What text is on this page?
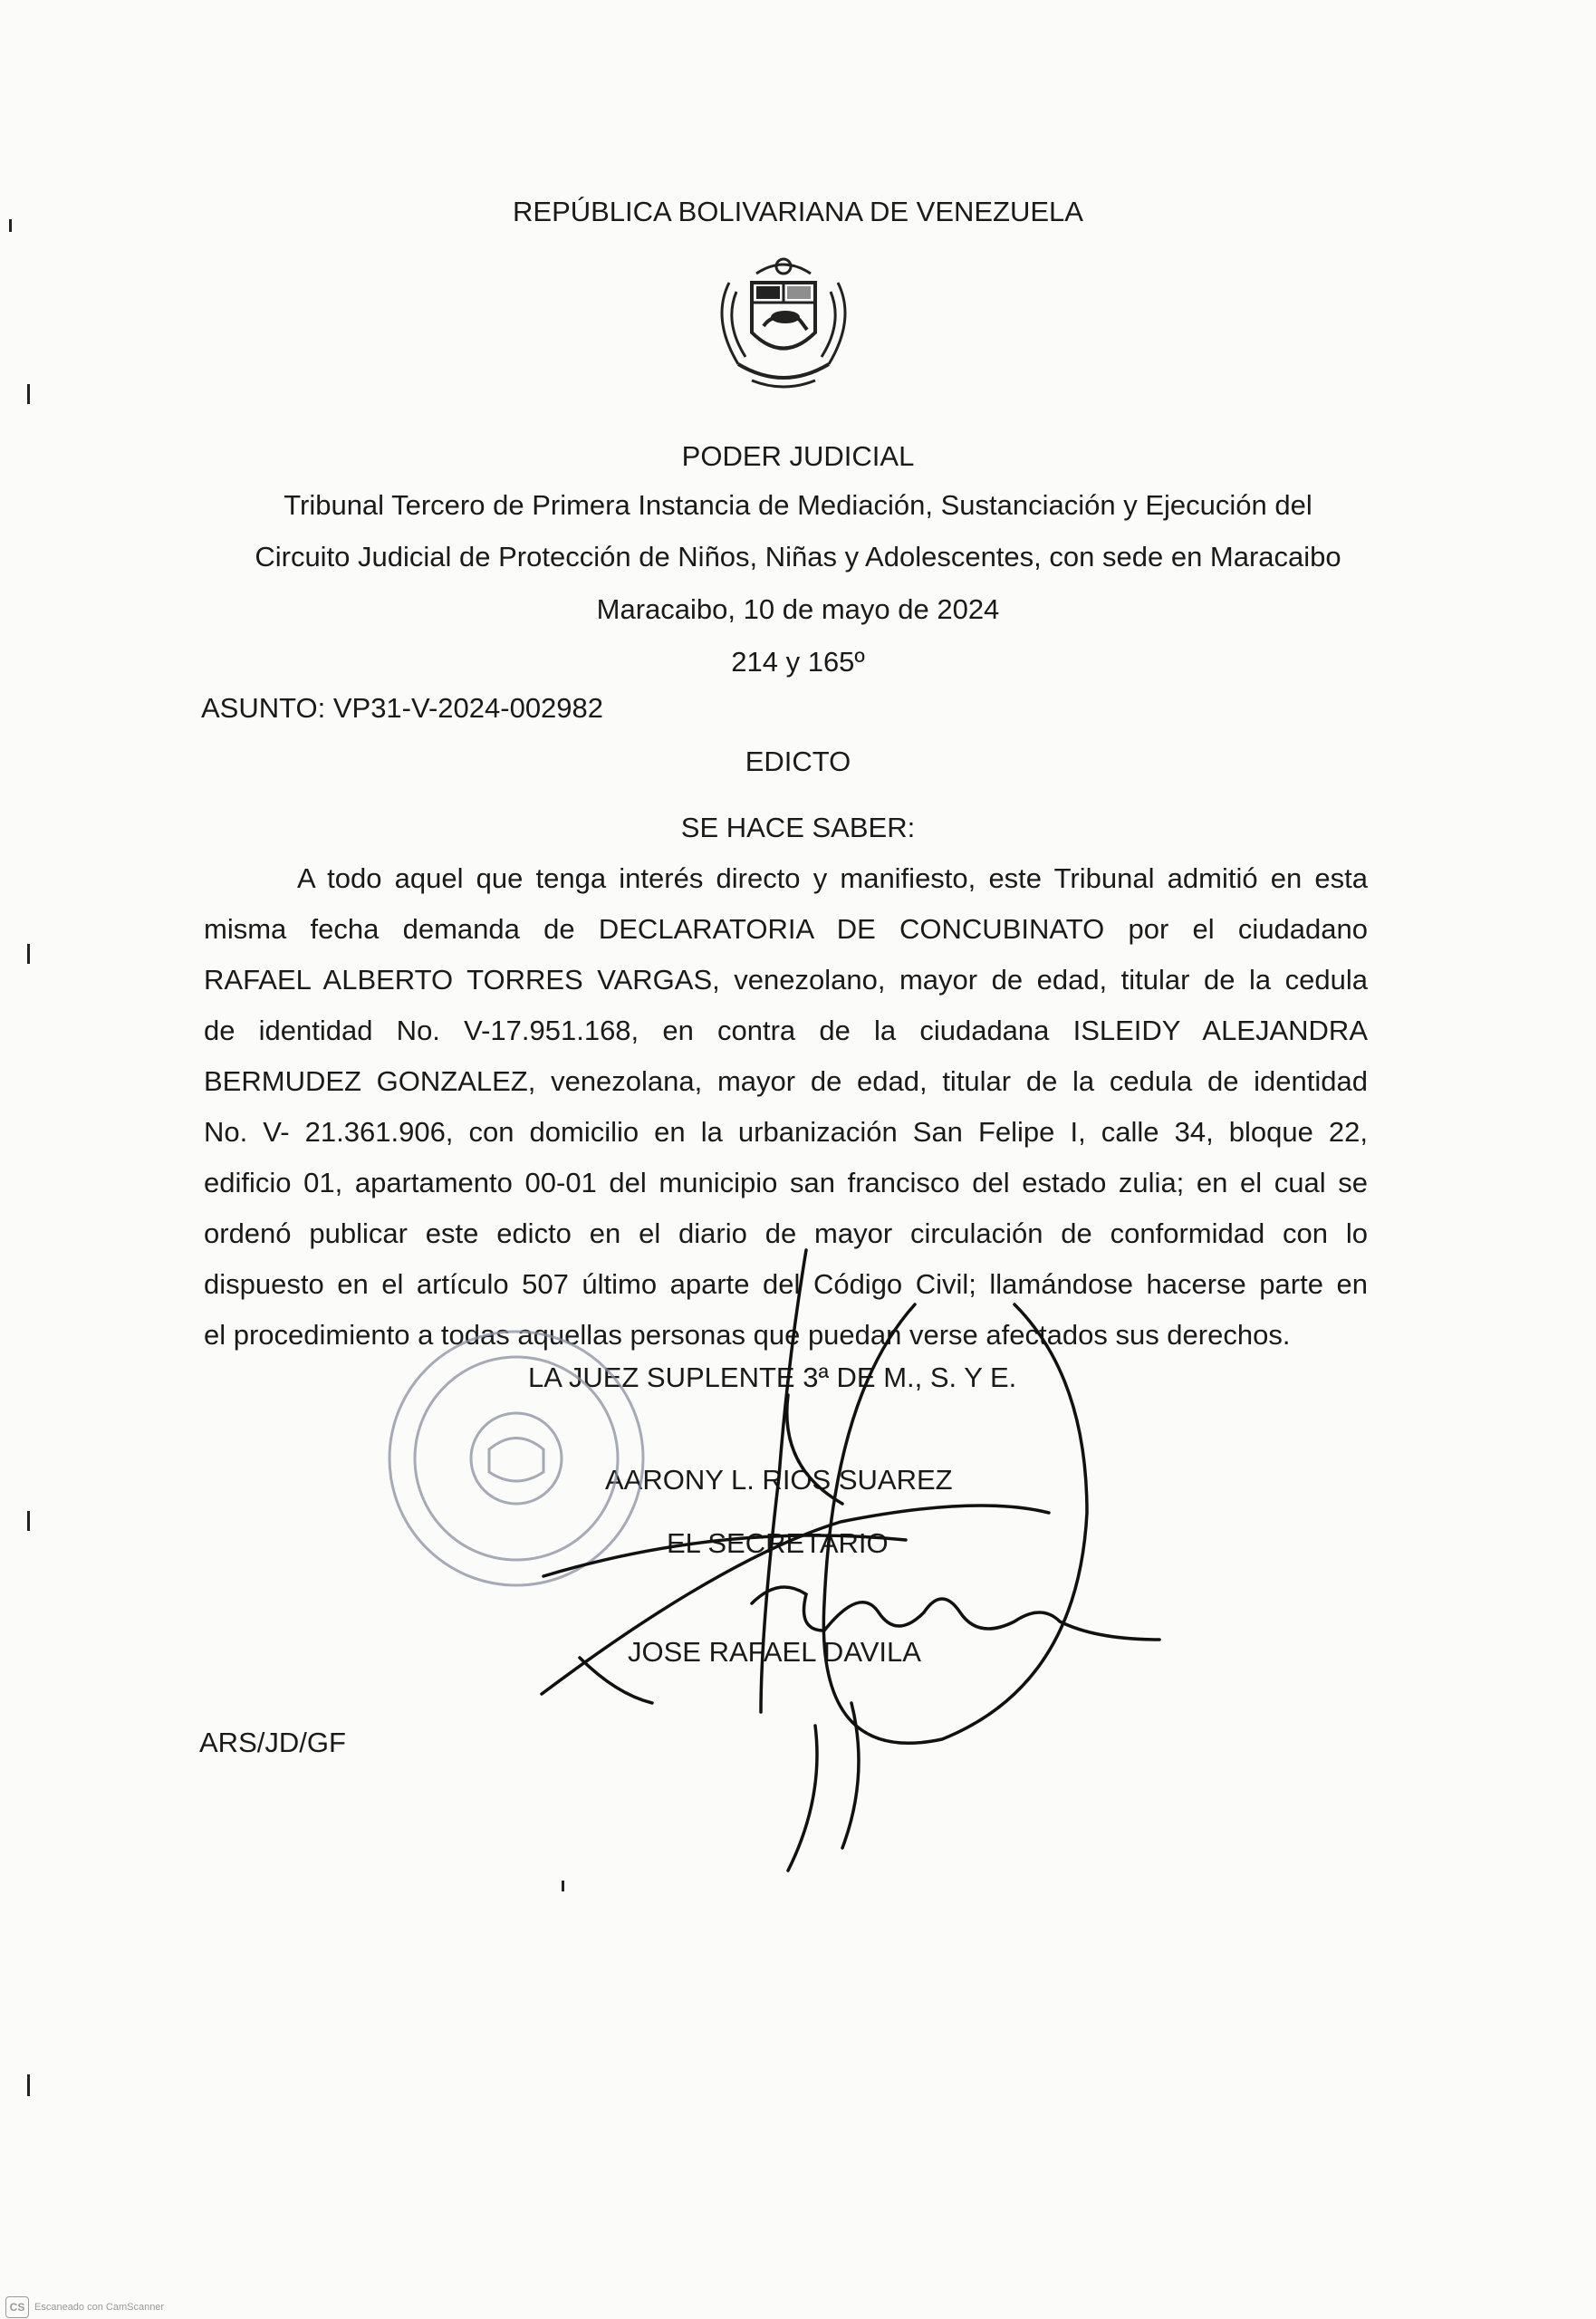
REPÚBLICA BOLIVARIANA DE VENEZUELA
PODER JUDICIAL
Tribunal Tercero de Primera Instancia de Mediación, Sustanciación y Ejecución del
Circuito Judicial de Protección de Niños, Niñas y Adolescentes, con sede en Maracaibo
Maracaibo, 10 de mayo de 2024
214 y 165º
ASUNTO: VP31-V-2024-002982
EDICTO
SE HACE SABER:
A todo aquel que tenga interés directo y manifiesto, este Tribunal admitió en esta
misma fecha demanda de DECLARATORIA DE CONCUBINATO por el ciudadano
RAFAEL ALBERTO TORRES VARGAS, venezolano, mayor de edad, titular de la cedula
de identidad No. V-17.951.168, en contra de la ciudadana ISLEIDY ALEJANDRA
BERMUDEZ GONZALEZ, venezolana, mayor de edad, titular de la cedula de identidad
No. V- 21.361.906, con domicilio en la urbanización San Felipe I, calle 34, bloque 22,
edificio 01, apartamento 00-01 del municipio san francisco del estado zulia; en el cual se
ordenó publicar este edicto en el diario de mayor circulación de conformidad con lo
dispuesto en el artículo 507 último aparte del Código Civil; llamándose hacerse parte en
el procedimiento a todas aquellas personas que puedan verse afectados sus derechos.
LA JUEZ SUPLENTE 3ª DE M., S. Y E.
AARONY L. RIOS SUAREZ
EL SECRETARIO
JOSE RAFAEL DAVILA
ARS/JD/GF
CS Escaneado con CamScanner
